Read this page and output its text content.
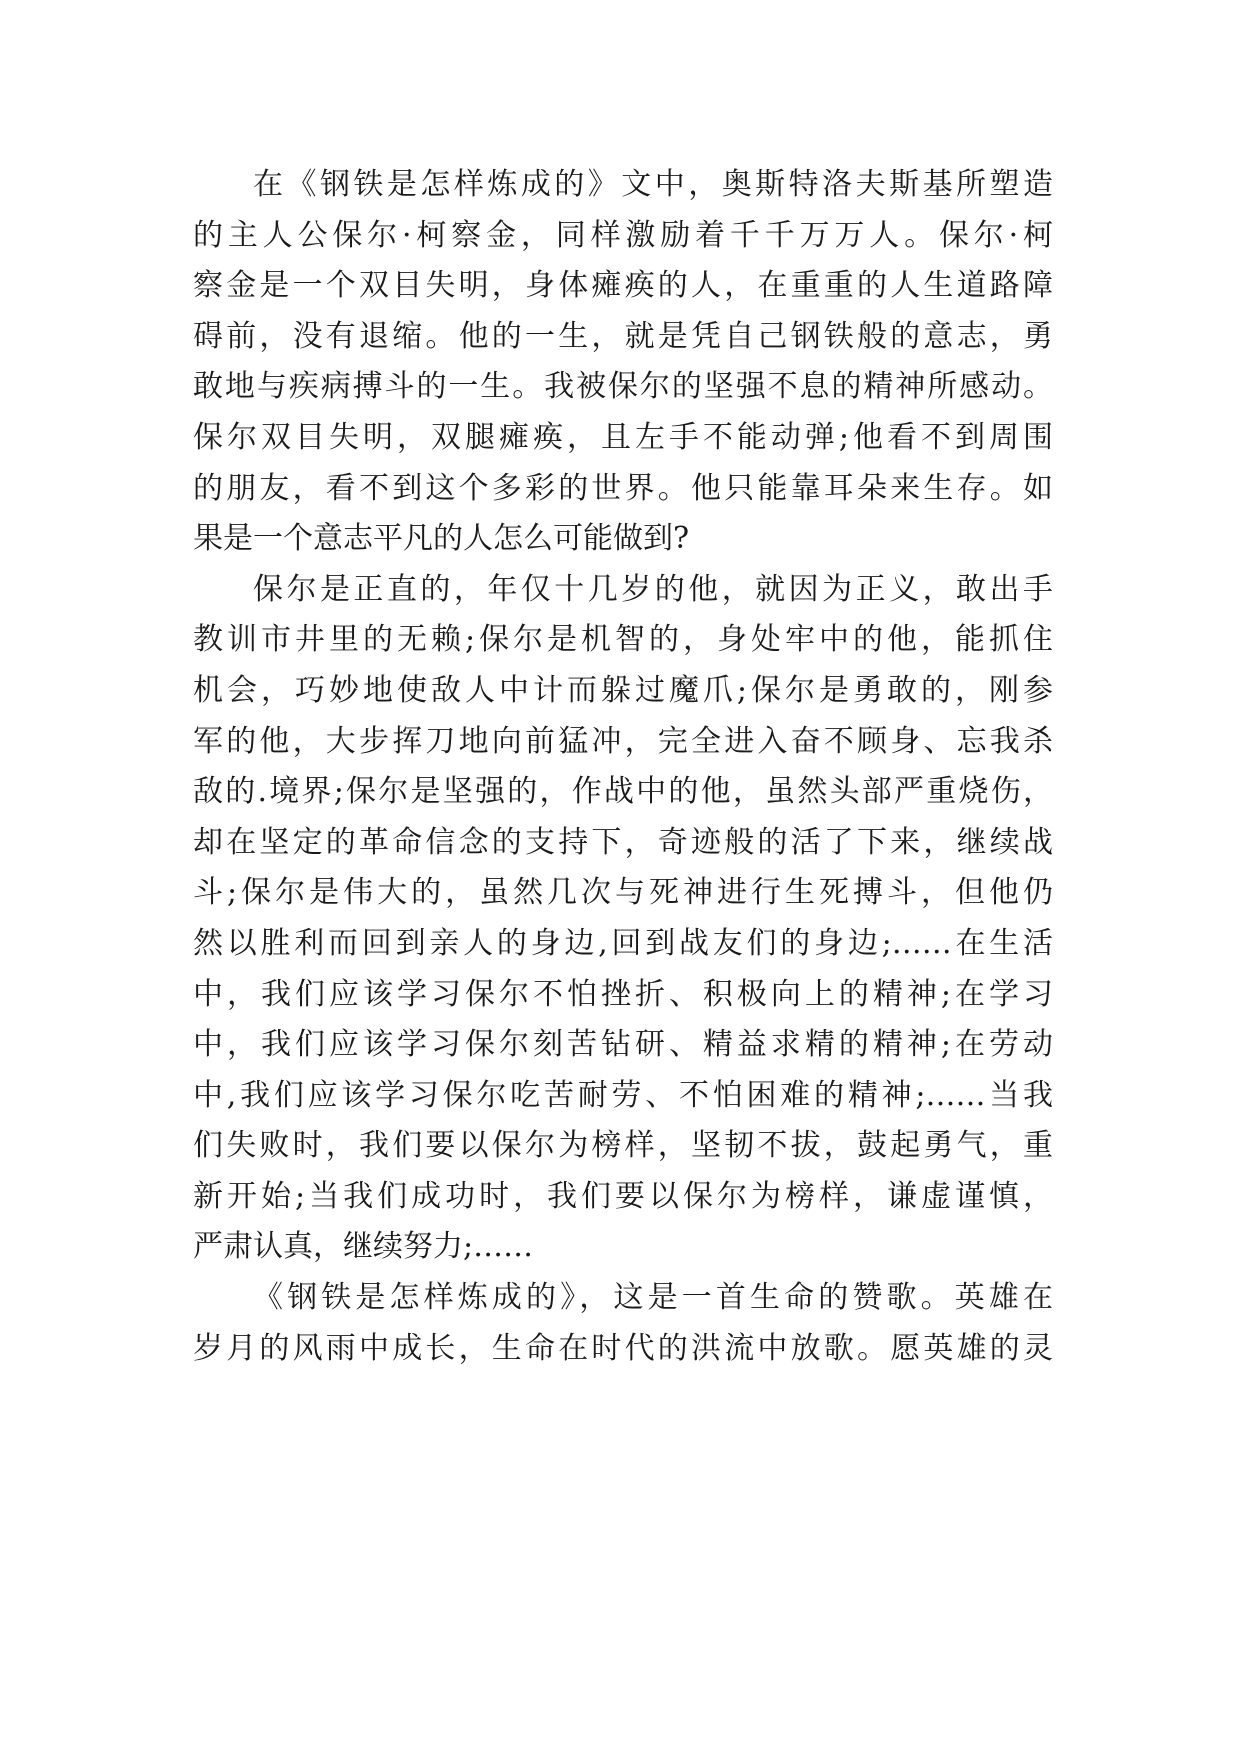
在《钢铁是怎样炼成的》文中，奥斯特洛夫斯基所塑造
的主人公保尔·柯察金，同样激励着千千万万人。保尔·柯
察金是一个双目失明，身体瘫痪的人，在重重的人生道路障
碍前，没有退缩。他的一生，就是凭自己钢铁般的意志，勇
敢地与疾病搏斗的一生。我被保尔的坚强不息的精神所感动。
保尔双目失明，双腿瘫痪，且左手不能动弹;他看不到周围
的朋友，看不到这个多彩的世界。他只能靠耳朵来生存。如
果是一个意志平凡的人怎么可能做到?
保尔是正直的，年仅十几岁的他，就因为正义，敢出手
教训市井里的无赖;保尔是机智的，身处牢中的他，能抓住
机会，巧妙地使敌人中计而躲过魔爪;保尔是勇敢的，刚参
军的他，大步挥刀地向前猛冲，完全进入奋不顾身、忘我杀
敌的.境界;保尔是坚强的，作战中的他，虽然头部严重烧伤，
却在坚定的革命信念的支持下，奇迹般的活了下来，继续战
斗;保尔是伟大的，虽然几次与死神进行生死搏斗，但他仍
然以胜利而回到亲人的身边,回到战友们的身边;……在生活
中，我们应该学习保尔不怕挫折、积极向上的精神;在学习
中，我们应该学习保尔刻苦钻研、精益求精的精神;在劳动
中,我们应该学习保尔吃苦耐劳、不怕困难的精神;……当我
们失败时，我们要以保尔为榜样，坚韧不拔，鼓起勇气，重
新开始;当我们成功时，我们要以保尔为榜样，谦虚谨慎，
严肃认真，继续努力;……
《钢铁是怎样炼成的》，这是一首生命的赞歌。英雄在
岁月的风雨中成长，生命在时代的洪流中放歌。愿英雄的灵
